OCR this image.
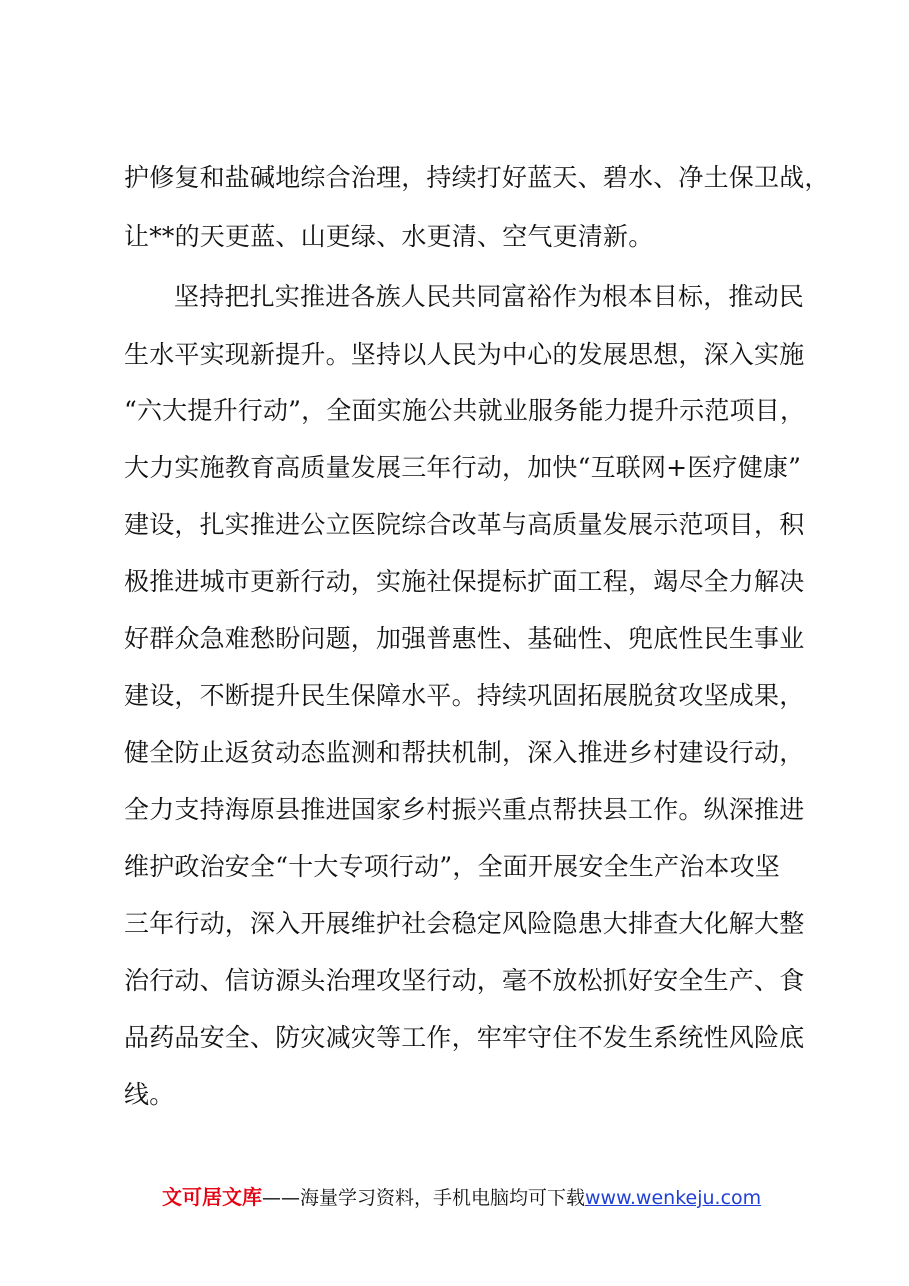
护修复和盐碱地综合治理，持续打好蓝天、碧水、净土保卫战，
让**的天更蓝、山更绿、水更清、空气更清新。
坚持把扎实推进各族人民共同富裕作为根本目标，推动民
生水平实现新提升。坚持以人民为中心的发展思想，深入实施
“六大提升行动”，全面实施公共就业服务能力提升示范项目，
大力实施教育高质量发展三年行动，加快“互联网+医疗健康”
建设，扎实推进公立医院综合改革与高质量发展示范项目，积
极推进城市更新行动，实施社保提标扩面工程，竭尽全力解决
好群众急难愁盼问题，加强普惠性、基础性、兜底性民生事业
建设，不断提升民生保障水平。持续巩固拓展脱贫攻坚成果，
健全防止返贫动态监测和帮扶机制，深入推进乡村建设行动，
全力支持海原县推进国家乡村振兴重点帮扶县工作。纵深推进
维护政治安全“十大专项行动”，全面开展安全生产治本攻坚
三年行动，深入开展维护社会稳定风险隐患大排查大化解大整
治行动、信访源头治理攻坚行动，毫不放松抓好安全生产、食
品药品安全、防灾减灾等工作，牢牢守住不发生系统性风险底
线。
文可居文库——海量学习资料，手机电脑均可下载www.wenkeju.com
